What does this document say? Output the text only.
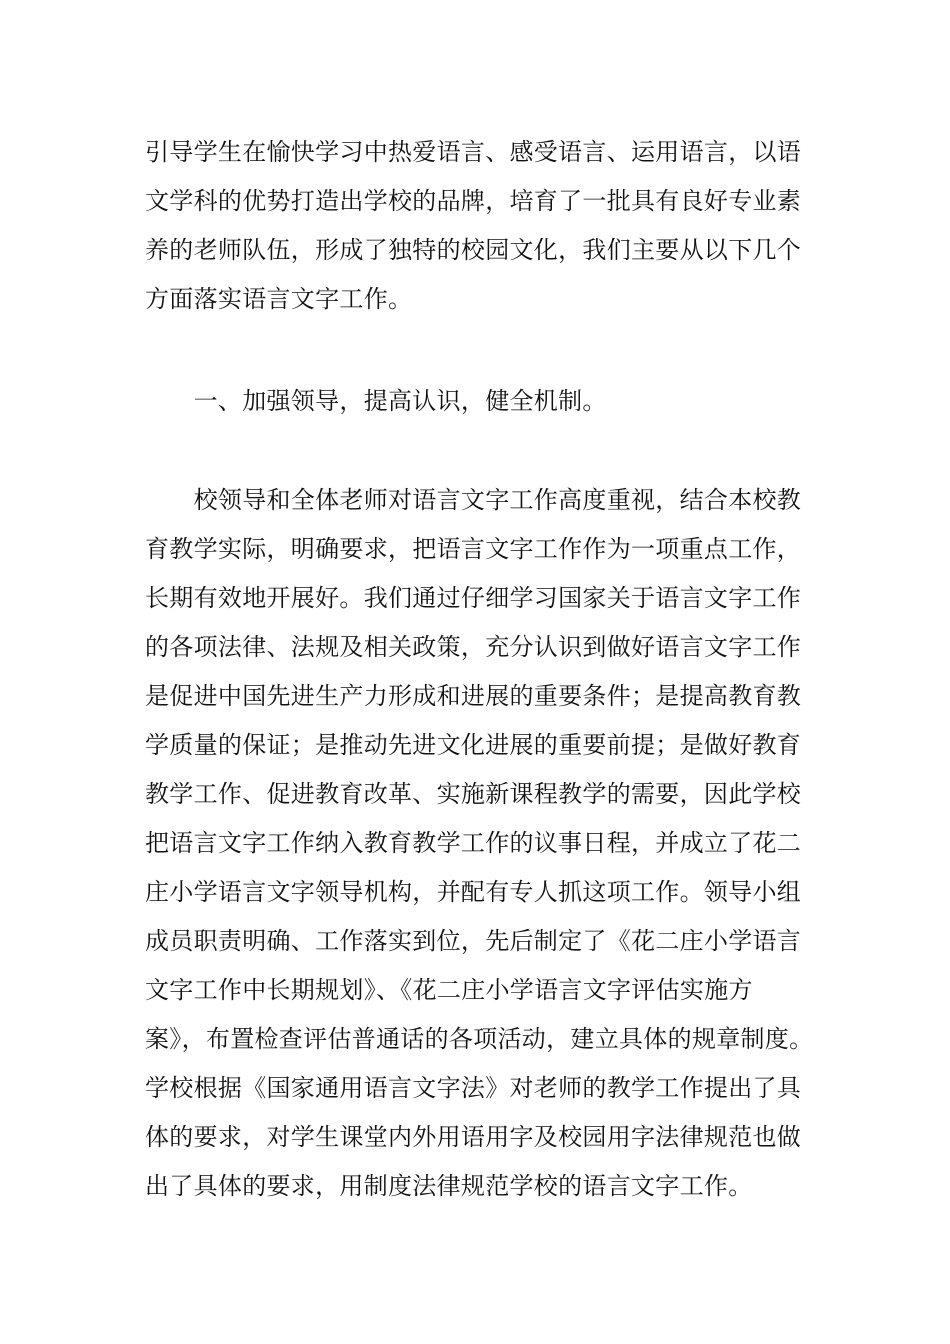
引导学生在愉快学习中热爱语言、感受语言、运用语言，以语
文学科的优势打造出学校的品牌，培育了一批具有良好专业素
养的老师队伍，形成了独特的校园文化，我们主要从以下几个
方面落实语言文字工作。
　　一、加强领导，提高认识，健全机制。
　　校领导和全体老师对语言文字工作高度重视，结合本校教
育教学实际，明确要求，把语言文字工作作为一项重点工作，
长期有效地开展好。我们通过仔细学习国家关于语言文字工作
的各项法律、法规及相关政策，充分认识到做好语言文字工作
是促进中国先进生产力形成和进展的重要条件；是提高教育教
学质量的保证；是推动先进文化进展的重要前提；是做好教育
教学工作、促进教育改革、实施新课程教学的需要，因此学校
把语言文字工作纳入教育教学工作的议事日程，并成立了花二
庄小学语言文字领导机构，并配有专人抓这项工作。领导小组
成员职责明确、工作落实到位，先后制定了《花二庄小学语言
文字工作中长期规划》、《花二庄小学语言文字评估实施方
案》，布置检查评估普通话的各项活动，建立具体的规章制度。
学校根据《国家通用语言文字法》对老师的教学工作提出了具
体的要求，对学生课堂内外用语用字及校园用字法律规范也做
出了具体的要求，用制度法律规范学校的语言文字工作。
